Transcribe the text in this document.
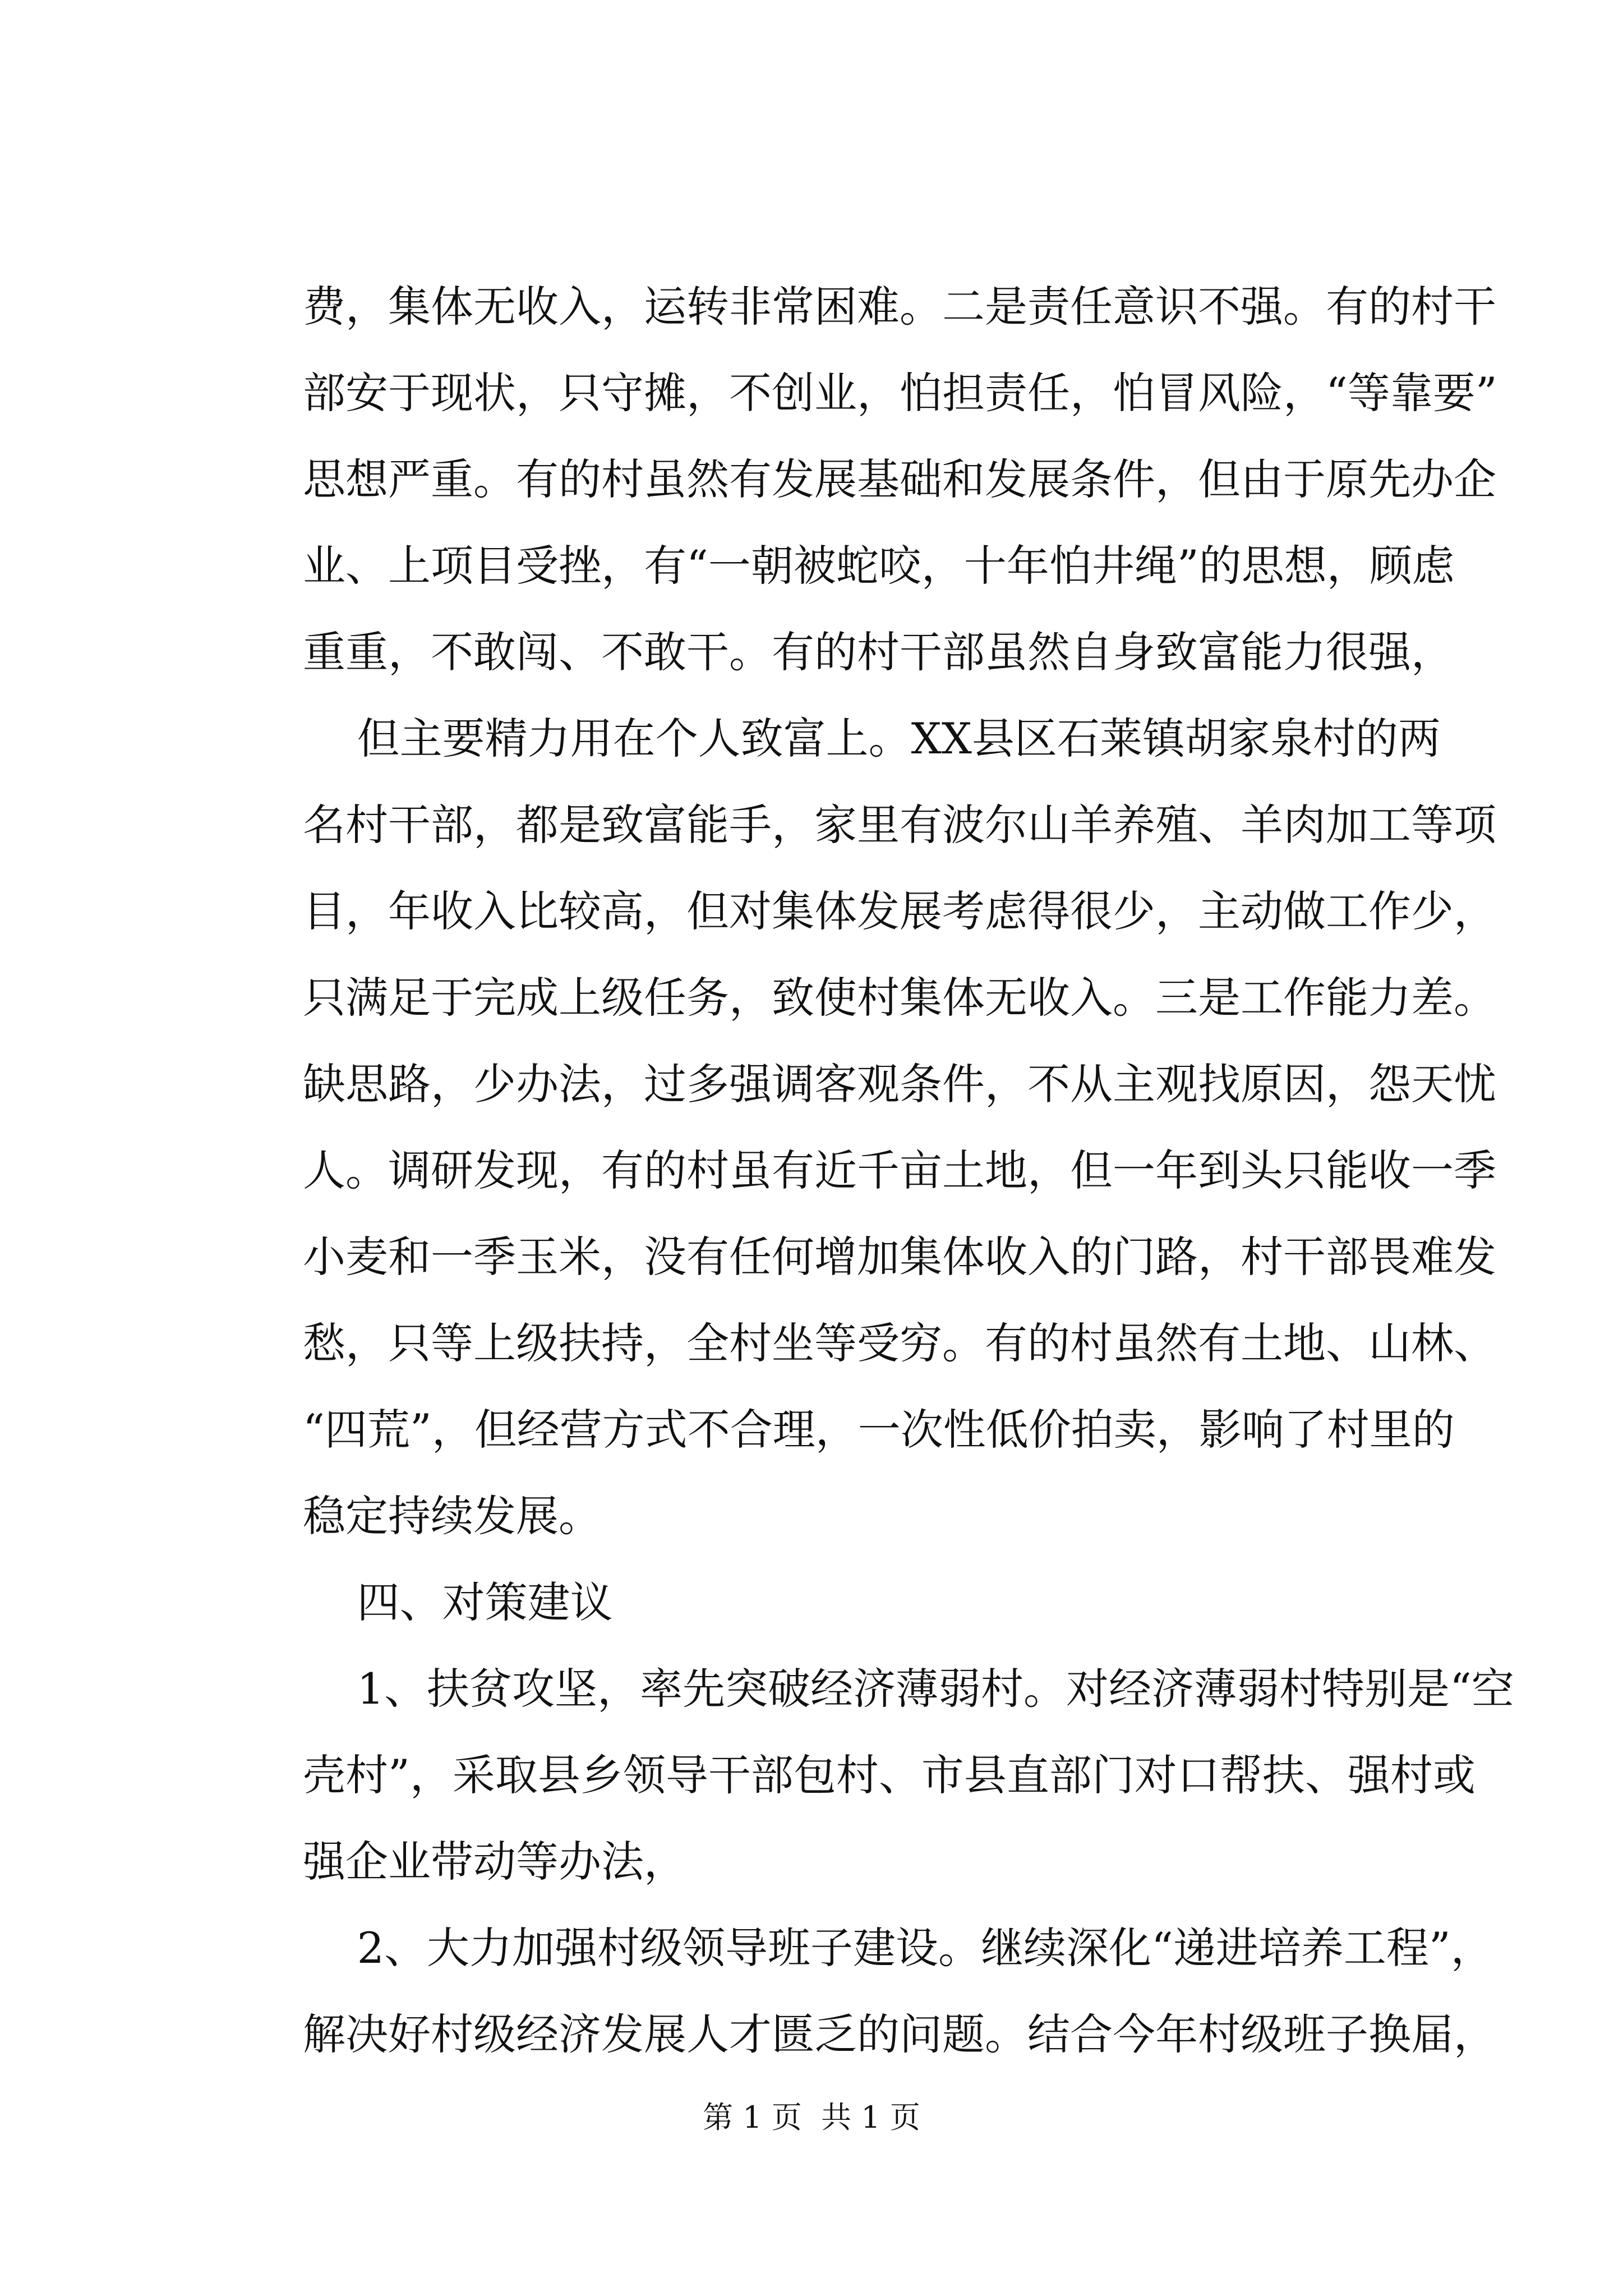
费，集体无收入，运转非常困难。二是责任意识不强。有的村干
部安于现状，只守摊，不创业，怕担责任，怕冒风险，“等靠要”
思想严重。有的村虽然有发展基础和发展条件，但由于原先办企
业、上项目受挫，有“一朝被蛇咬，十年怕井绳”的思想，顾虑
重重，不敢闯、不敢干。有的村干部虽然自身致富能力很强，
但主要精力用在个人致富上。XX县区石莱镇胡家泉村的两
名村干部，都是致富能手，家里有波尔山羊养殖、羊肉加工等项
目，年收入比较高，但对集体发展考虑得很少，主动做工作少，
只满足于完成上级任务，致使村集体无收入。三是工作能力差。
缺思路，少办法，过多强调客观条件，不从主观找原因，怨天忧
人。调研发现，有的村虽有近千亩土地，但一年到头只能收一季
小麦和一季玉米，没有任何增加集体收入的门路，村干部畏难发
愁，只等上级扶持，全村坐等受穷。有的村虽然有土地、山林、
“四荒”，但经营方式不合理，一次性低价拍卖，影响了村里的
稳定持续发展。
四、对策建议
1、扶贫攻坚，率先突破经济薄弱村。对经济薄弱村特别是“空
壳村”，采取县乡领导干部包村、市县直部门对口帮扶、强村或
强企业带动等办法，
2、大力加强村级领导班子建设。继续深化“递进培养工程”，
解决好村级经济发展人才匮乏的问题。结合今年村级班子换届，
第 1 页  共 1 页
